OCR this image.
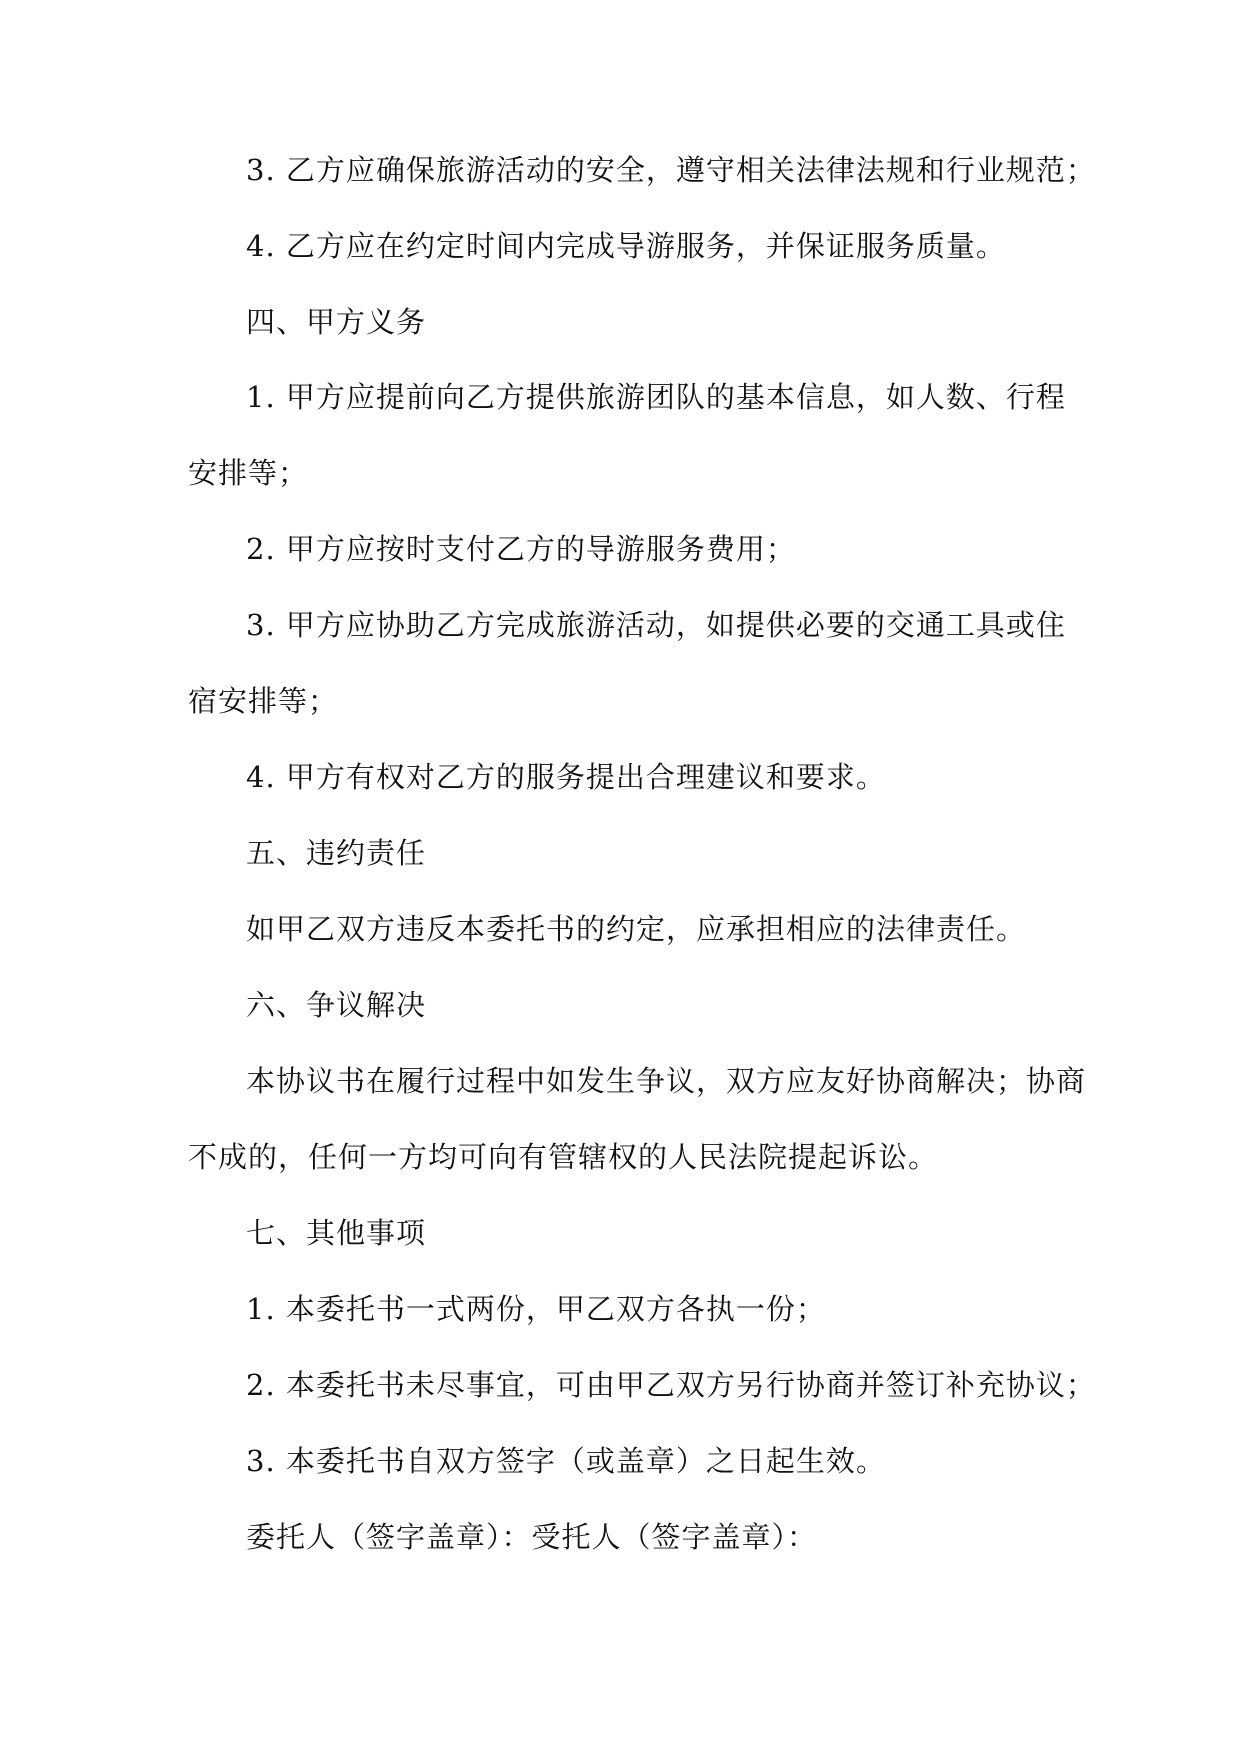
3. 乙方应确保旅游活动的安全，遵守相关法律法规和行业规范；
4. 乙方应在约定时间内完成导游服务，并保证服务质量。
四、甲方义务
1. 甲方应提前向乙方提供旅游团队的基本信息，如人数、行程
安排等；
2. 甲方应按时支付乙方的导游服务费用；
3. 甲方应协助乙方完成旅游活动，如提供必要的交通工具或住
宿安排等；
4. 甲方有权对乙方的服务提出合理建议和要求。
五、违约责任
如甲乙双方违反本委托书的约定，应承担相应的法律责任。
六、争议解决
本协议书在履行过程中如发生争议，双方应友好协商解决；协商
不成的，任何一方均可向有管辖权的人民法院提起诉讼。
七、其他事项
1. 本委托书一式两份，甲乙双方各执一份；
2. 本委托书未尽事宜，可由甲乙双方另行协商并签订补充协议；
3. 本委托书自双方签字（或盖章）之日起生效。
委托人（签字盖章）：受托人（签字盖章）：
